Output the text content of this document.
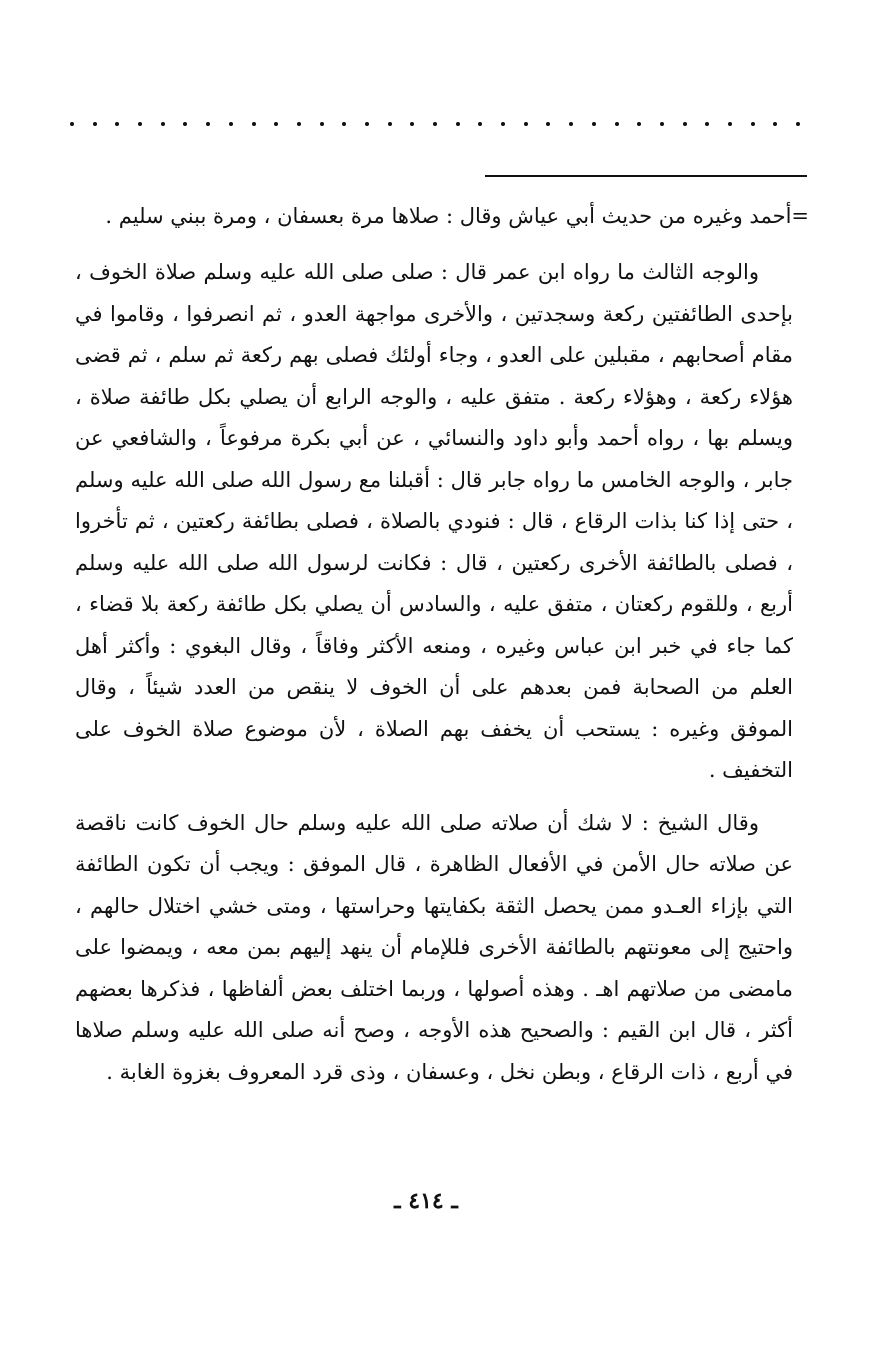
=أحمد وغيره من حديث أبي عياش وقال : صلاها مرة بعسفان ، ومرة ببني سليم .

والوجه الثالث ما رواه ابن عمر قال : صلى صلى الله عليه وسلم صلاة الخوف ، بإحدى الطائفتين ركعة وسجدتين ، والأخرى مواجهة العدو ، ثم انصرفوا ، وقاموا في مقام أصحابهم ، مقبلين على العدو ، وجاء أولئك فصلى بهم ركعة ثم سلم ، ثم قضى هؤلاء ركعة ، وهؤلاء ركعة . متفق عليه ، والوجه الرابع أن يصلي بكل طائفة صلاة ، ويسلم بها ، رواه أحمد وأبو داود والنسائي ، عن أبي بكرة مرفوعاً ، والشافعي عن جابر ، والوجه الخامس ما رواه جابر قال : أقبلنا مع رسول الله صلى الله عليه وسلم ، حتى إذا كنا بذات الرقاع ، قال : فنودي بالصلاة ، فصلى بطائفة ركعتين ، ثم تأخروا ، فصلى بالطائفة الأخرى ركعتين ، قال : فكانت لرسول الله صلى الله عليه وسلم أربع ، وللقوم ركعتان ، متفق عليه ، والسادس أن يصلي بكل طائفة ركعة بلا قضاء ، كما جاء في خبر ابن عباس وغيره ، ومنعه الأكثر وفاقاً ، وقال البغوي : وأكثر أهل العلم من الصحابة فمن بعدهم على أن الخوف لا ينقص من العدد شيئاً ، وقال الموفق وغيره : يستحب أن يخفف بهم الصلاة ، لأن موضوع صلاة الخوف على التخفيف .

وقال الشيخ : لا شك أن صلاته صلى الله عليه وسلم حال الخوف كانت ناقصة عن صلاته حال الأمن في الأفعال الظاهرة ، قال الموفق : ويجب أن تكون الطائفة التي بإزاء العـدو ممن يحصل الثقة بكفايتها وحراستها ، ومتى خشي اختلال حالهم ، واحتيج إلى معونتهم بالطائفة الأخرى فللإمام أن ينهد إليهم بمن معه ، ويمضوا على مامضى من صلاتهم اهـ . وهذه أصولها ، وربما اختلف بعض ألفاظها ، فذكرها بعضهم أكثر ، قال ابن القيم : والصحيح هذه الأوجه ، وصح أنه صلى الله عليه وسلم صلاها في أربع ، ذات الرقاع ، وبطن نخل ، وعسفان ، وذى قرد المعروف بغزوة الغابة .

ـ ٤١٤ ـ
